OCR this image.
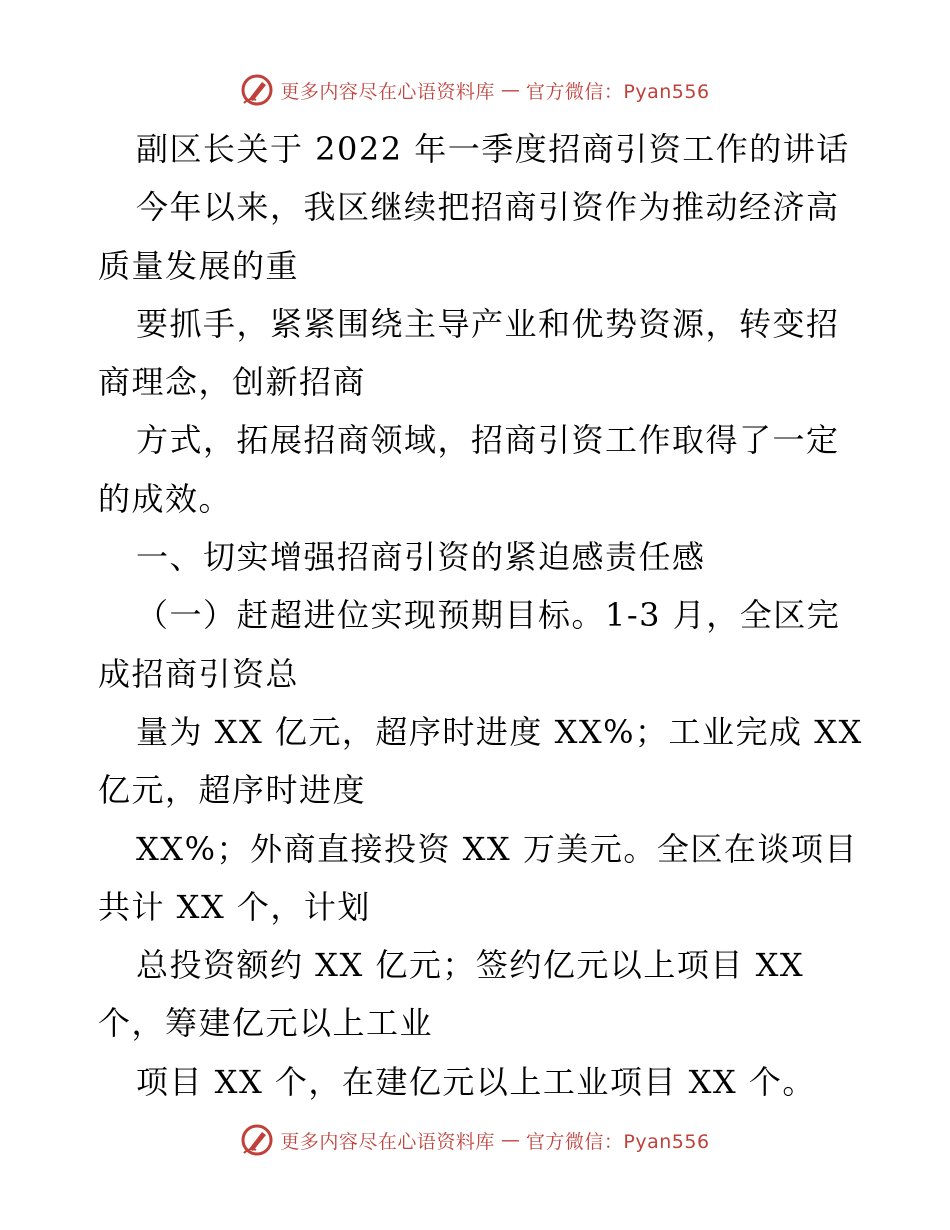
更多内容尽在心语资料库 — 官方微信：Pyan556
副区长关于 2022 年一季度招商引资工作的讲话
今年以来，我区继续把招商引资作为推动经济高
质量发展的重
要抓手，紧紧围绕主导产业和优势资源，转变招
商理念，创新招商
方式，拓展招商领域，招商引资工作取得了一定
的成效。
一、切实增强招商引资的紧迫感责任感
（一）赶超进位实现预期目标。1-3 月，全区完
成招商引资总
量为 XX 亿元，超序时进度 XX%；工业完成 XX
亿元，超序时进度
XX%；外商直接投资 XX 万美元。全区在谈项目
共计 XX 个，计划
总投资额约 XX 亿元；签约亿元以上项目 XX
个，筹建亿元以上工业
项目 XX 个，在建亿元以上工业项目 XX 个。
更多内容尽在心语资料库 — 官方微信：Pyan556
